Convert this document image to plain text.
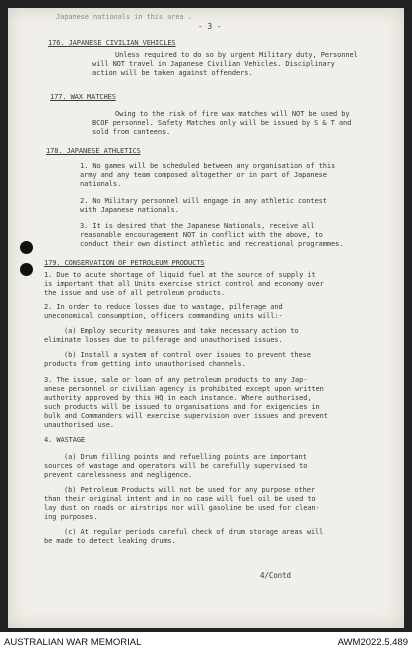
Japanese nationals in this area .
- 3 -
176. JAPANESE CIVILIAN VEHICLES
Unless required to do so by urgent Military duty, Personnel
will NOT travel in Japanese Civilian Vehicles. Disciplinary
action will be taken against offenders.
177. WAX MATCHES
Owing to the risk of fire wax matches will NOT be used by
BCOF personnel. Safety Matches only will be issued by S & T and
sold from canteens.
178. JAPANESE ATHLETICS
1. No games will be scheduled between any organisation of this
army and any team composed altogether or in part of Japanese
nationals.
2. No Military personnel will engage in any athletic contest
with Japanese nationals.
3. It is desired that the Japanese Nationals, receive all
reasonable encouragement NOT in conflict with the above, to
conduct their own distinct athletic and recreational programmes.
179. CONSERVATION OF PETROLEUM PRODUCTS
1. Due to acute shortage of liquid fuel at the source of supply it
is important that all Units exercise strict control and economy over
the issue and use of all petroleum products.
2. In order to reduce losses due to wastage, pilferage and
uneconomical consumption, officers commanding units will:-
(a) Employ security measures and take necessary action to
eliminate losses due to pilferage and unauthorised issues.
(b) Install a system of control over issues to prevent these
products from getting into unauthorised channels.
3. The issue, sale or loan of any petroleum products to any Jap-
anese personnel or civilian agency is prohibited except upon written
authority approved by this HQ in each instance. Where authorised,
such products will be issued to organisations and for exigencies in
bulk and Commanders will exercise supervision over issues and prevent
unauthorised use.
4. WASTAGE
(a) Drum filling points and refuelling points are important
sources of wastage and operators will be carefully supervised to
prevent carelessness and negligence.
(b) Petroleum Products will not be used for any purpose other
than their original intent and in no case will fuel oil be used to
lay dust on roads or airstrips nor will gasoline be used for clean-
ing purposes.
(c) At regular periods careful check of drum storage areas will
be made to detect leaking drums.
4/Contd
AUSTRALIAN WAR MEMORIAL	AWM2022.5.489
